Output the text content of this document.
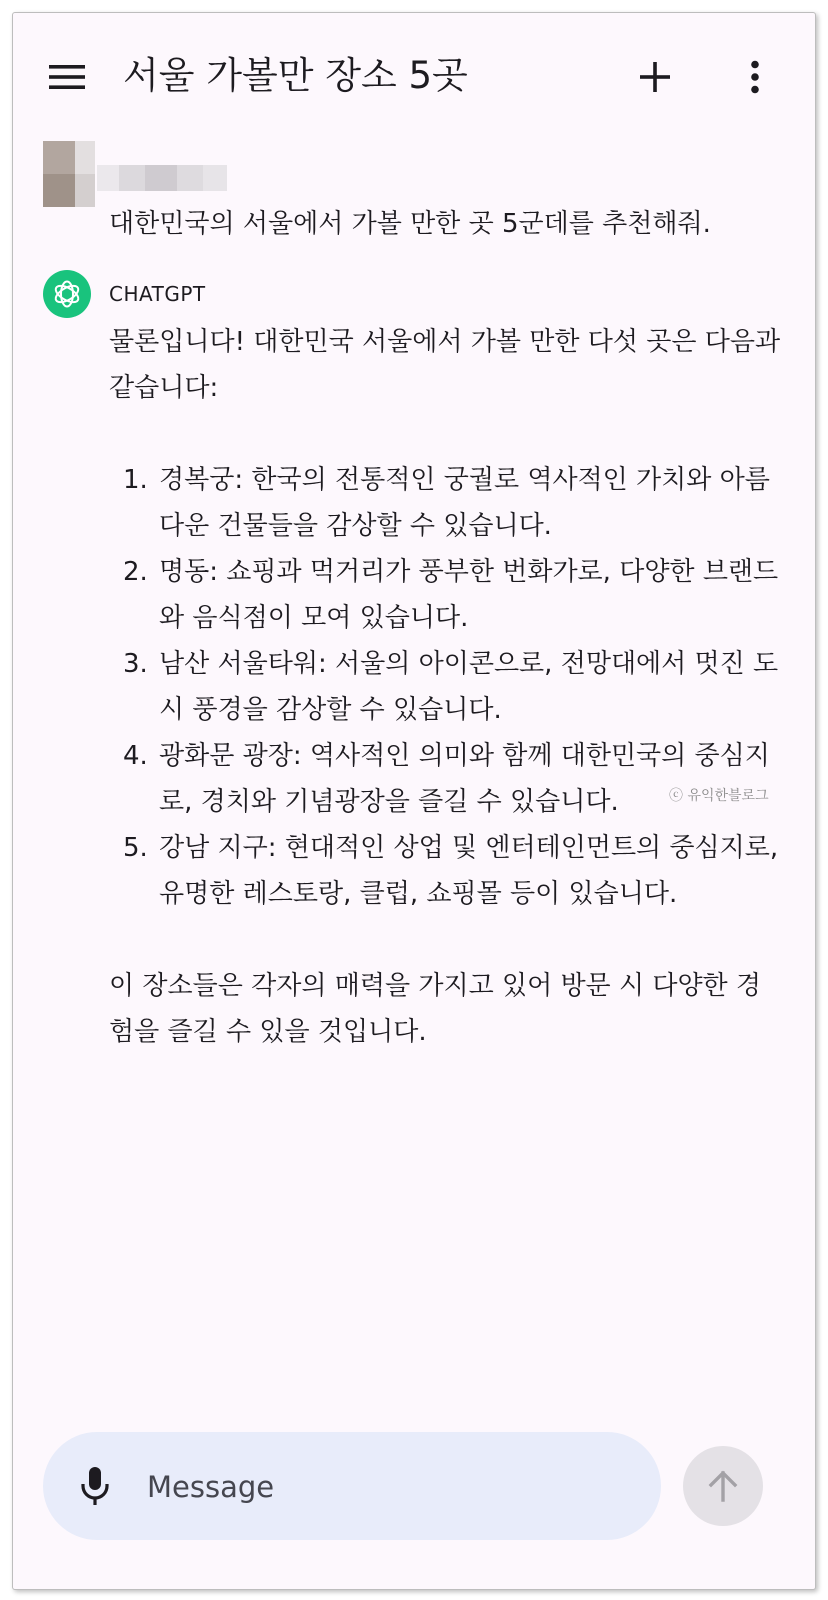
서울 가볼만 장소 5곳
대한민국의 서울에서 가볼 만한 곳 5군데를 추천해줘.
CHATGPT

물론입니다! 대한민국 서울에서 가볼 만한 다섯 곳은 다음과 같습니다:

1. 경복궁: 한국의 전통적인 궁궐로 역사적인 가치와 아름다운 건물들을 감상할 수 있습니다.
2. 명동: 쇼핑과 먹거리가 풍부한 번화가로, 다양한 브랜드와 음식점이 모여 있습니다.
3. 남산 서울타워: 서울의 아이콘으로, 전망대에서 멋진 도시 풍경을 감상할 수 있습니다.
4. 광화문 광장: 역사적인 의미와 함께 대한민국의 중심지로, 경치와 기념광장을 즐길 수 있습니다.
5. 강남 지구: 현대적인 상업 및 엔터테인먼트의 중심지로, 유명한 레스토랑, 클럽, 쇼핑몰 등이 있습니다.

이 장소들은 각자의 매력을 가지고 있어 방문 시 다양한 경험을 즐길 수 있을 것입니다.

ⓒ 유익한블로그
Message
